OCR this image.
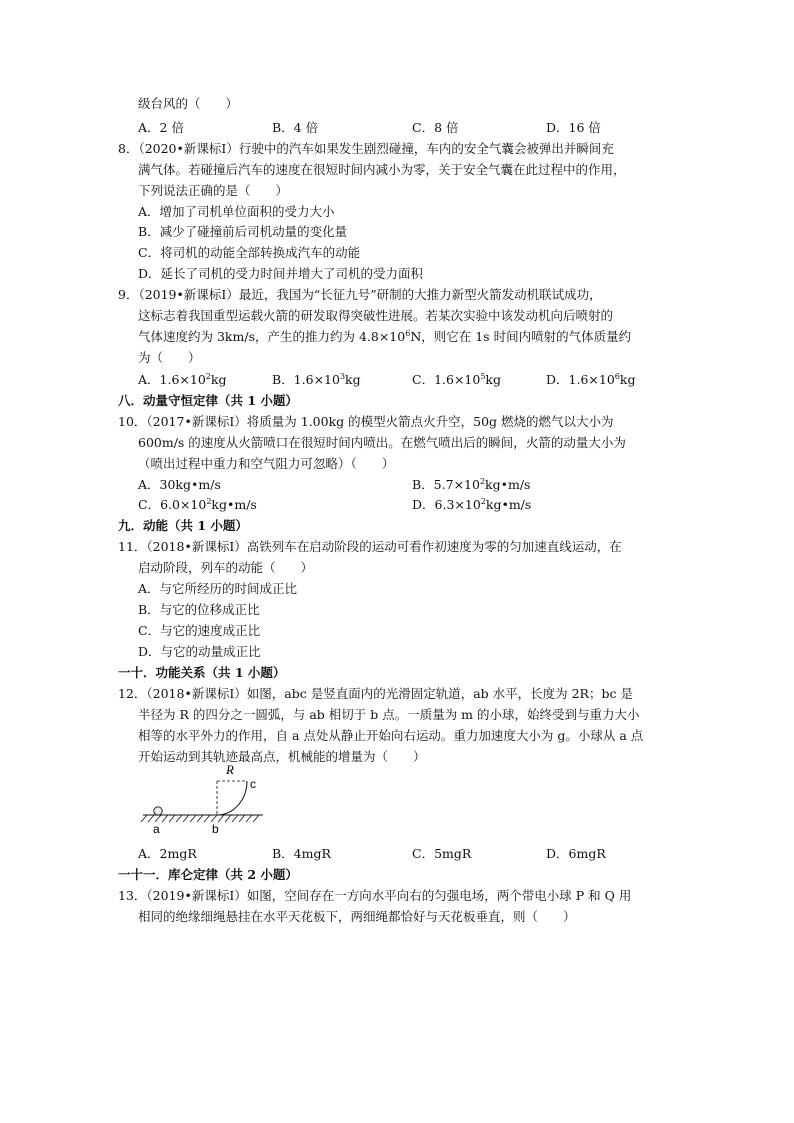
级台风的（　　）
A．2 倍	B．4 倍	C．8 倍	D．16 倍
8．（2020•新课标Ⅰ）行驶中的汽车如果发生剧烈碰撞，车内的安全气囊会被弹出并瞬间充
满气体。若碰撞后汽车的速度在很短时间内减小为零，关于安全气囊在此过程中的作用，
下列说法正确的是（　　）
A．增加了司机单位面积的受力大小
B．减少了碰撞前后司机动量的变化量
C．将司机的动能全部转换成汽车的动能
D．延长了司机的受力时间并增大了司机的受力面积
9．（2019•新课标Ⅰ）最近，我国为“长征九号”研制的大推力新型火箭发动机联试成功，
这标志着我国重型运载火箭的研发取得突破性进展。若某次实验中该发动机向后喷射的
气体速度约为 3km/s，产生的推力约为 $4.8\times 10^6N$，则它在 1s 时间内喷射的气体质量约
为（　　）
A．$1.6\times 10^2kg$	B．$1.6\times 10^3kg$	C．$1.6\times 10^5kg$	D．$1.6\times 10^6kg$
八．动量守恒定律（共 1 小题）
10．（2017•新课标Ⅰ）将质量为 1.00kg 的模型火箭点火升空，50g 燃烧的燃气以大小为
600m/s 的速度从火箭喷口在很短时间内喷出。在燃气喷出后的瞬间，火箭的动量大小为
（喷出过程中重力和空气阻力可忽略）（　　）
A．30kg•m/s	B．$5.7\times 10^2kg•m/s$
C．$6.0\times 10^2kg•m/s$	D．$6.3\times 10^2kg•m/s$
九．动能（共 1 小题）
11．（2018•新课标Ⅰ）高铁列车在启动阶段的运动可看作初速度为零的匀加速直线运动，在
启动阶段，列车的动能（　　）
A．与它所经历的时间成正比
B．与它的位移成正比
C．与它的速度成正比
D．与它的动量成正比
一十．功能关系（共 1 小题）
12．（2018•新课标Ⅰ）如图，abc 是竖直面内的光滑固定轨道，ab 水平，长度为 2R；bc 是
半径为 R 的四分之一圆弧，与 ab 相切于 b 点。一质量为 m 的小球，始终受到与重力大小
相等的水平外力的作用，自 a 点处从静止开始向右运动。重力加速度大小为 g。小球从 a 点
开始运动到其轨迹最高点，机械能的增量为（　　）
R
c
a	b
A．2mgR	B．4mgR	C．5mgR	D．6mgR
一十一．库仑定律（共 2 小题）
13．（2019•新课标Ⅰ）如图，空间存在一方向水平向右的匀强电场，两个带电小球 P 和 Q 用
相同的绝缘细绳悬挂在水平天花板下，两细绳都恰好与天花板垂直，则（　　）
